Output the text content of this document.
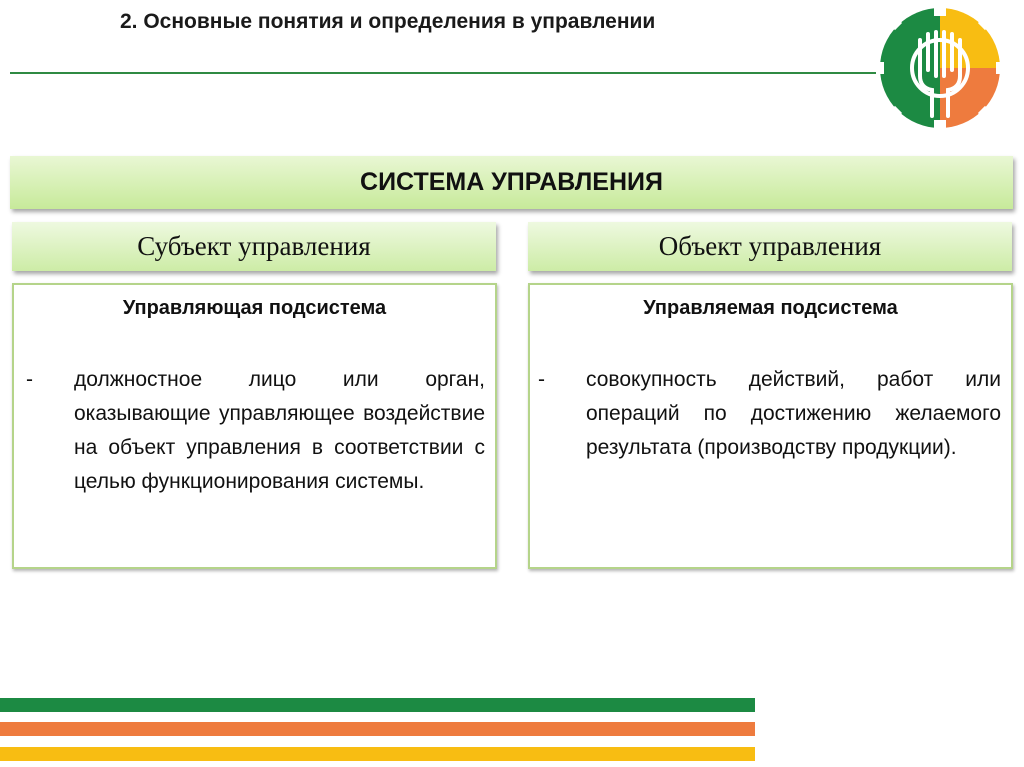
2. Основные понятия и определения в управлении
СИСТЕМА УПРАВЛЕНИЯ
Субъект управления	Объект управления
Управляющая подсистема
- должностное лицо или орган, оказывающие управляющее воздействие на объект управления в соответствии с целью функционирования системы.
Управляемая подсистема
- совокупность действий, работ или операций по достижению желаемого результата (производству продукции).
